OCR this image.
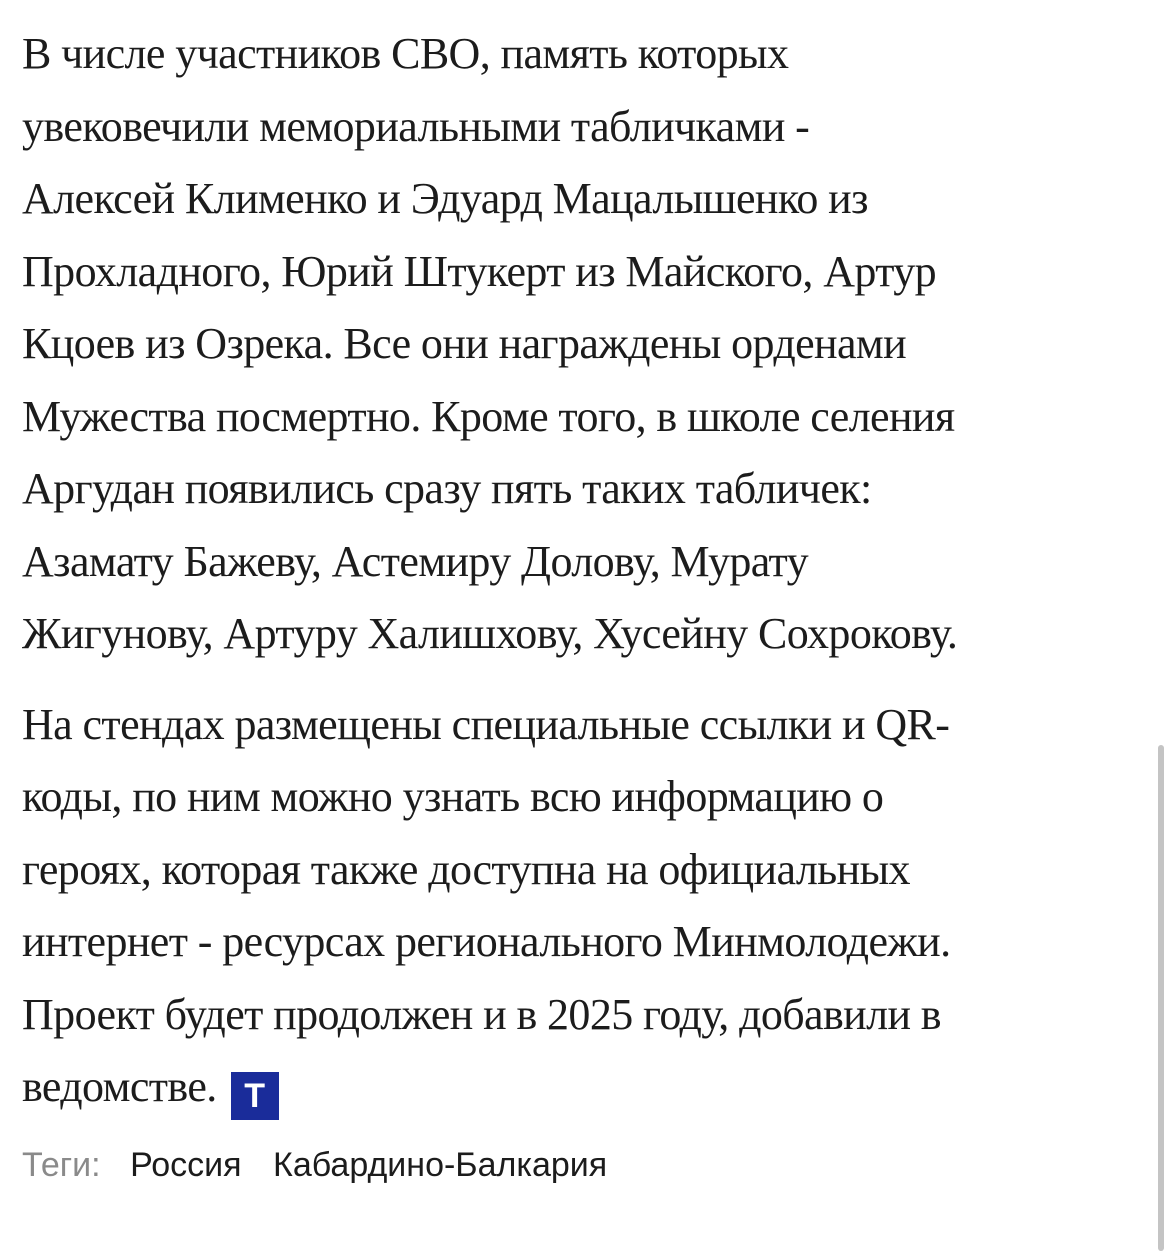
В числе участников СВО, память которых
увековечили мемориальными табличками -
Алексей Клименко и Эдуард Мацалышенко из
Прохладного, Юрий Штукерт из Майского, Артур
Кцоев из Озрека. Все они награждены орденами
Мужества посмертно. Кроме того, в школе селения
Аргудан появились сразу пять таких табличек:
Азамату Бажеву, Астемиру Долову, Мурату
Жигунову, Артуру Халишхову, Хусейну Сохрокову.

На стендах размещены специальные ссылки и QR-
коды, по ним можно узнать всю информацию о
героях, которая также доступна на официальных
интернет - ресурсах регионального Минмолодежи.
Проект будет продолжен и в 2025 году, добавили в
ведомстве. Т

Теги: Россия Кабардино-Балкария
